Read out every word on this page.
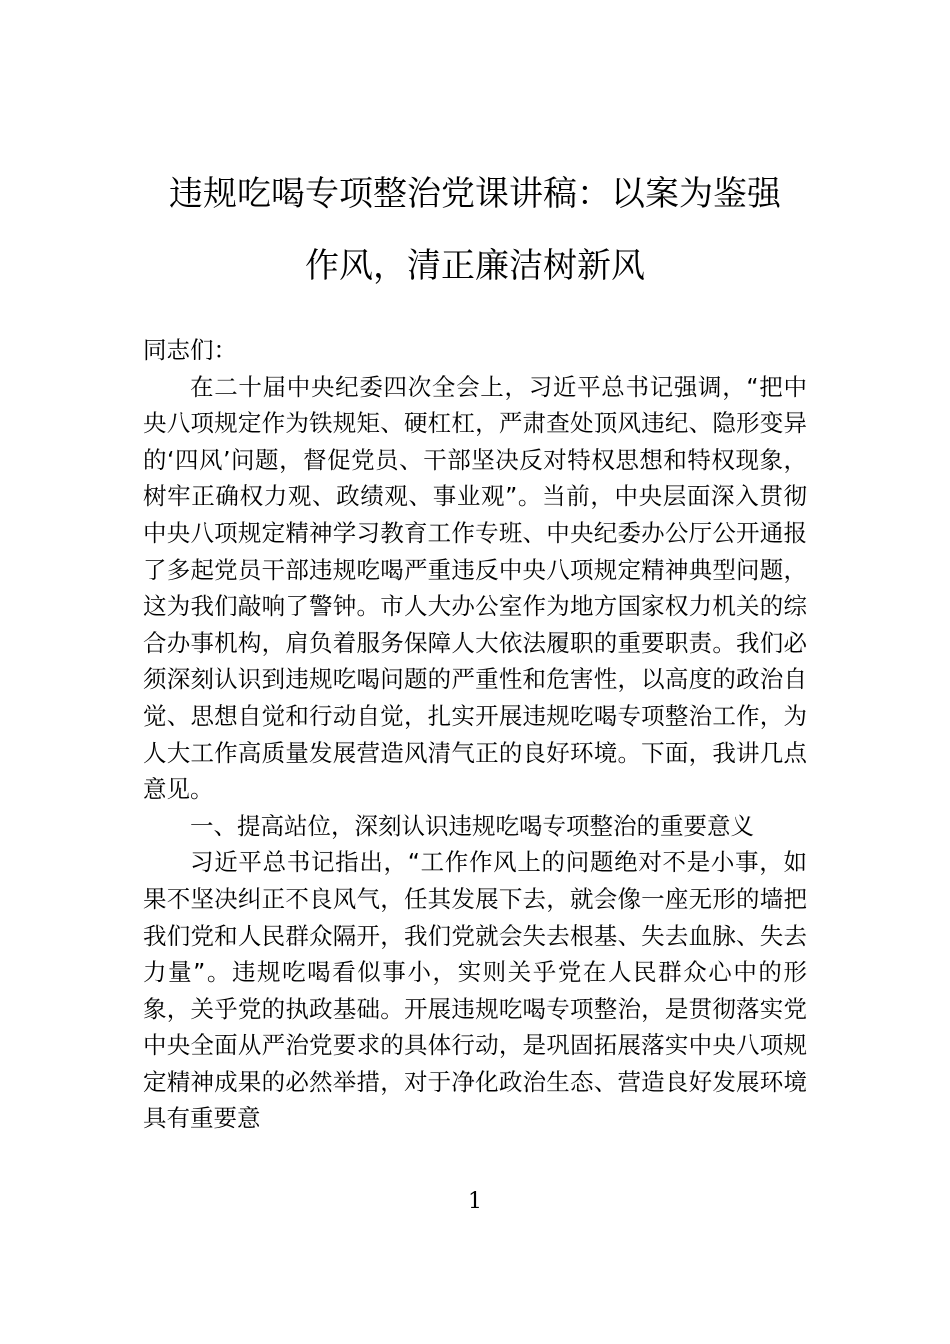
违规吃喝专项整治党课讲稿：以案为鉴强
作风，清正廉洁树新风

同志们：

在二十届中央纪委四次全会上，习近平总书记强调，“把中央八项规定作为铁规矩、硬杠杠，严肃查处顶风违纪、隐形变异的‘四风’问题，督促党员、干部坚决反对特权思想和特权现象，树牢正确权力观、政绩观、事业观”。当前，中央层面深入贯彻中央八项规定精神学习教育工作专班、中央纪委办公厅公开通报了多起党员干部违规吃喝严重违反中央八项规定精神典型问题，这为我们敲响了警钟。市人大办公室作为地方国家权力机关的综合办事机构，肩负着服务保障人大依法履职的重要职责。我们必须深刻认识到违规吃喝问题的严重性和危害性，以高度的政治自觉、思想自觉和行动自觉，扎实开展违规吃喝专项整治工作，为人大工作高质量发展营造风清气正的良好环境。下面，我讲几点意见。

一、提高站位，深刻认识违规吃喝专项整治的重要意义

习近平总书记指出，“工作作风上的问题绝对不是小事，如果不坚决纠正不良风气，任其发展下去，就会像一座无形的墙把我们党和人民群众隔开，我们党就会失去根基、失去血脉、失去力量”。违规吃喝看似事小，实则关乎党在人民群众心中的形象，关乎党的执政基础。开展违规吃喝专项整治，是贯彻落实党中央全面从严治党要求的具体行动，是巩固拓展落实中央八项规定精神成果的必然举措，对于净化政治生态、营造良好发展环境具有重要意

1
